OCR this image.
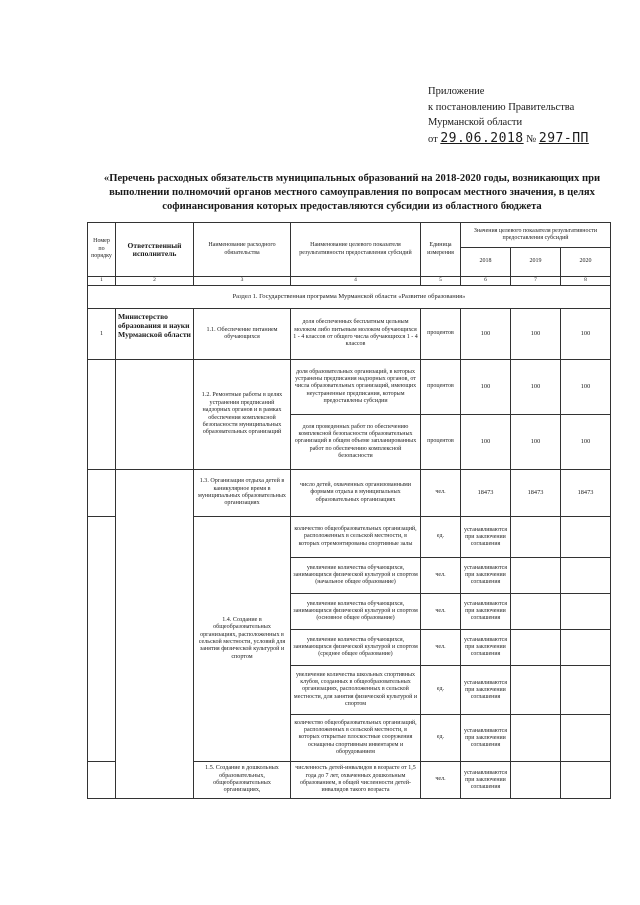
Приложение
к постановлению Правительства
Мурманской области
от 29.06.2018 № 297-ПП
«Перечень расходных обязательств муниципальных образований на 2018-2020 годы, возникающих при выполнении полномочий органов местного самоуправления по вопросам местного значения, в целях софинансирования которых предоставляются субсидии из областного бюджета
Номер по порядку	Ответственный исполнитель	Наименование расходного обязательства	Наименование целевого показателя результативности предоставления субсидий	Единица измерения	Значения целевого показателя результативности предоставления субсидий		
					2018	2019	2020
1	2	3	4	5	6	7	8
Раздел 1. Государственная программа Мурманской области «Развитие образования»							
1	Министерство образования и науки Мурманской области	1.1. Обеспечение питанием обучающихся	доля обеспеченных бесплатным цельным молоком либо питьевым молоком обучающихся 1 - 4 классов от общего числа обучающихся 1 - 4 классов	процентов	100	100	100
		1.2. Ремонтные работы в целях устранения предписаний надзорных органов и в рамках обеспечения комплексной безопасности муниципальных образовательных организаций	доля образовательных организаций, в которых устранены предписания надзорных органов, от числа образовательных организаций, имеющих неустраненные предписания, которым предоставлены субсидии	процентов	100	100	100
			доля проведенных работ по обеспечению комплексной безопасности образовательных организаций в общем объеме запланированных работ по обеспечению комплексной безопасности	процентов	100	100	100
		1.3. Организация отдыха детей в каникулярное время в муниципальных образовательных организациях	число детей, охваченных организованными формами отдыха в муниципальных образовательных организациях	чел.	18473	18473	18473
		1.4. Создание в общеобразовательных организациях, расположенных в сельской местности, условий для занятия физической культурой и спортом	количество общеобразовательных организаций, расположенных в сельской местности, в которых отремонтированы спортивные залы	ед.	устанавливаются при заключении соглашения		
			увеличение количества обучающихся, занимающихся физической культурой и спортом (начальное общее образование)	чел.	устанавливаются при заключении соглашения		
			увеличение количества обучающихся, занимающихся физической культурой и спортом (основное общее образование)	чел.	устанавливаются при заключении соглашения		
			увеличение количества обучающихся, занимающихся физической культурой и спортом (среднее общее образование)	чел.	устанавливаются при заключении соглашения		
			увеличение количества школьных спортивных клубов, созданных в общеобразовательных организациях, расположенных в сельской местности, для занятия физической культурой и спортом	ед.	устанавливаются при заключении соглашения		
			количество общеобразовательных организаций, расположенных в сельской местности, в которых открытые плоскостные сооружения оснащены спортивным инвентарем и оборудованием	ед.	устанавливаются при заключении соглашения		
		1.5. Создание в дошкольных образовательных, общеобразовательных организациях,	численность детей-инвалидов в возрасте от 1,5 года до 7 лет, охваченных дошкольным образованием, в общей численности детей-инвалидов такого возраста	чел.	устанавливаются при заключении соглашения		
